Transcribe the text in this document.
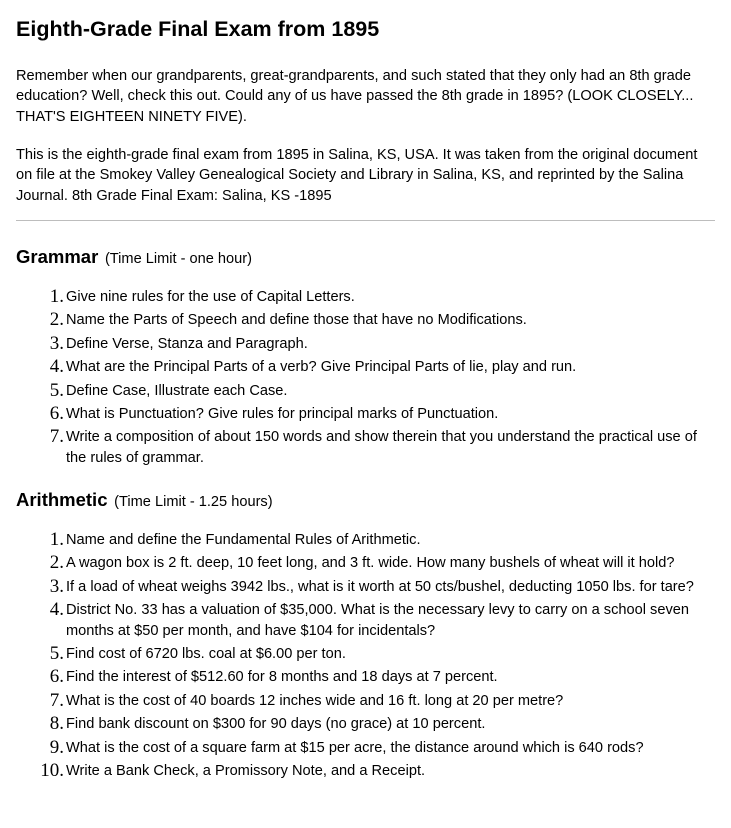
Eighth-Grade Final Exam from 1895

Remember when our grandparents, great-grandparents, and such stated that they only had an 8th grade education? Well, check this out. Could any of us have passed the 8th grade in 1895? (LOOK CLOSELY... THAT'S EIGHTEEN NINETY FIVE).

This is the eighth-grade final exam from 1895 in Salina, KS, USA. It was taken from the original document on file at the Smokey Valley Genealogical Society and Library in Salina, KS, and reprinted by the Salina Journal. 8th Grade Final Exam: Salina, KS -1895

Grammar (Time Limit - one hour)
1. Give nine rules for the use of Capital Letters.
2. Name the Parts of Speech and define those that have no Modifications.
3. Define Verse, Stanza and Paragraph.
4. What are the Principal Parts of a verb? Give Principal Parts of lie, play and run.
5. Define Case, Illustrate each Case.
6. What is Punctuation? Give rules for principal marks of Punctuation.
7. Write a composition of about 150 words and show therein that you understand the practical use of the rules of grammar.
Arithmetic (Time Limit - 1.25 hours)
1. Name and define the Fundamental Rules of Arithmetic.
2. A wagon box is 2 ft. deep, 10 feet long, and 3 ft. wide. How many bushels of wheat will it hold?
3. If a load of wheat weighs 3942 lbs., what is it worth at 50 cts/bushel, deducting 1050 lbs. for tare?
4. District No. 33 has a valuation of $35,000. What is the necessary levy to carry on a school seven months at $50 per month, and have $104 for incidentals?
5. Find cost of 6720 lbs. coal at $6.00 per ton.
6. Find the interest of $512.60 for 8 months and 18 days at 7 percent.
7. What is the cost of 40 boards 12 inches wide and 16 ft. long at 20 per metre?
8. Find bank discount on $300 for 90 days (no grace) at 10 percent.
9. What is the cost of a square farm at $15 per acre, the distance around which is 640 rods?
10. Write a Bank Check, a Promissory Note, and a Receipt.
